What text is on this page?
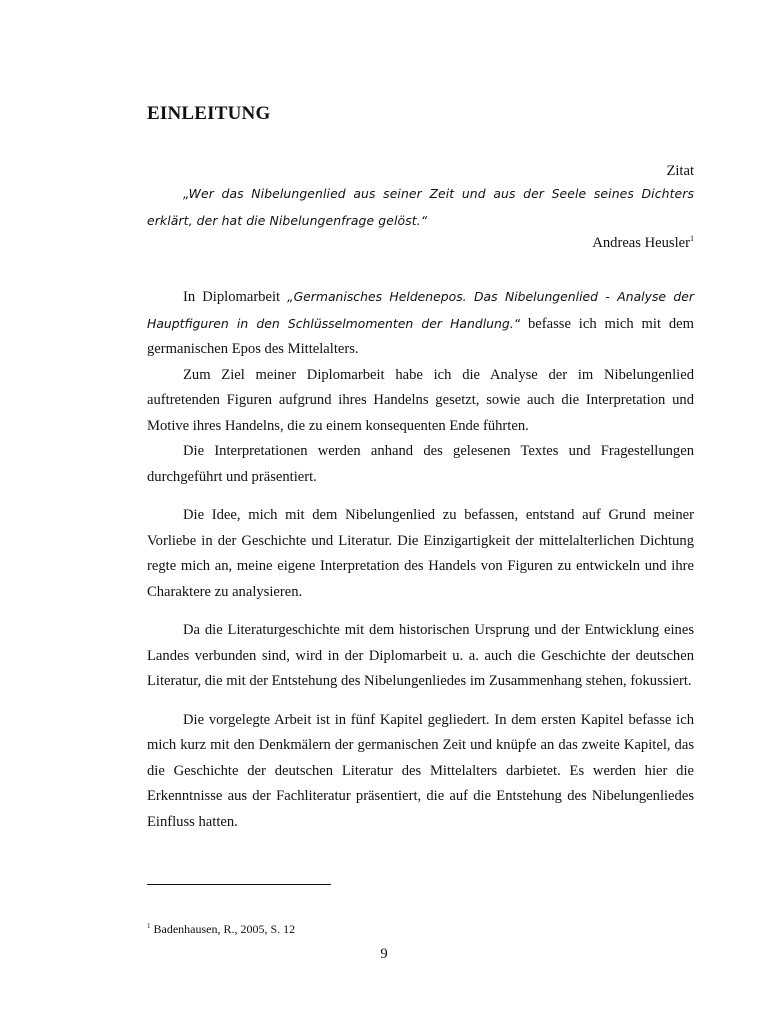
EINLEITUNG
Zitat

„Wer das Nibelungenlied aus seiner Zeit und aus der Seele seines Dichters

erklärt, der hat die Nibelungenfrage gelöst.“

Andreas Heusler$^1$

In Diplomarbeit „Germanisches Heldenepos. Das Nibelungenlied - Analyse der Hauptfiguren in den Schlüsselmomenten der Handlung.“ befasse ich mich mit dem germanischen Epos des Mittelalters.

Zum Ziel meiner Diplomarbeit habe ich die Analyse der im Nibelungenlied auftretenden Figuren aufgrund ihres Handelns gesetzt, sowie auch die Interpretation und Motive ihres Handelns, die zu einem konsequenten Ende führten.

Die Interpretationen werden anhand des gelesenen Textes und Fragestellungen durchgeführt und präsentiert.

Die Idee, mich mit dem Nibelungenlied zu befassen, entstand auf Grund meiner Vorliebe in der Geschichte und Literatur. Die Einzigartigkeit der mittelalterlichen Dichtung regte mich an, meine eigene Interpretation des Handels von Figuren zu entwickeln und ihre Charaktere zu analysieren.

Da die Literaturgeschichte mit dem historischen Ursprung und der Entwicklung eines Landes verbunden sind, wird in der Diplomarbeit u. a. auch die Geschichte der deutschen Literatur, die mit der Entstehung des Nibelungenliedes im Zusammenhang stehen, fokussiert.

Die vorgelegte Arbeit ist in fünf Kapitel gegliedert. In dem ersten Kapitel befasse ich mich kurz mit den Denkmälern der germanischen Zeit und knüpfe an das zweite Kapitel, das die Geschichte der deutschen Literatur des Mittelalters darbietet. Es werden hier die Erkenntnisse aus der Fachliteratur präsentiert, die auf die Entstehung des Nibelungenliedes Einfluss hatten.

$^1$ Badenhausen, R., 2005, S. 12
9
